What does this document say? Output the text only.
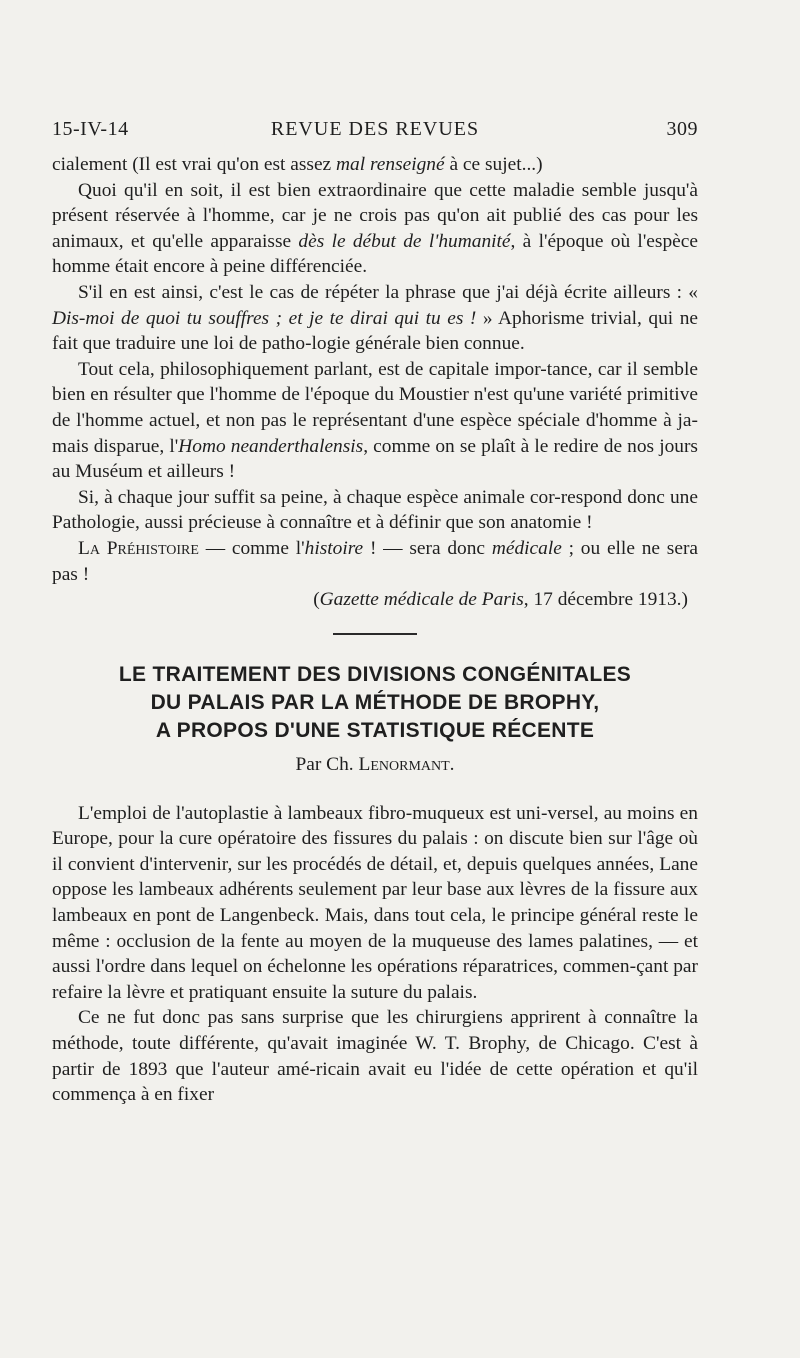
15-IV-14	REVUE DES REVUES	309

cialement (Il est vrai qu'on est assez mal renseigné à ce sujet...)

Quoi qu'il en soit, il est bien extraordinaire que cette maladie semble jusqu'à présent réservée à l'homme, car je ne crois pas qu'on ait publié des cas pour les animaux, et qu'elle apparaisse dès le début de l'humanité, à l'époque où l'espèce homme était encore à peine différenciée.

S'il en est ainsi, c'est le cas de répéter la phrase que j'ai déjà écrite ailleurs : « Dis-moi de quoi tu souffres ; et je te dirai qui tu es ! » Aphorisme trivial, qui ne fait que traduire une loi de patho-logie générale bien connue.

Tout cela, philosophiquement parlant, est de capitale impor-tance, car il semble bien en résulter que l'homme de l'époque du Moustier n'est qu'une variété primitive de l'homme actuel, et non pas le représentant d'une espèce spéciale d'homme à ja-mais disparue, l'Homo neanderthalensis, comme on se plaît à le redire de nos jours au Muséum et ailleurs !

Si, à chaque jour suffit sa peine, à chaque espèce animale cor-respond donc une Pathologie, aussi précieuse à connaître et à définir que son anatomie !

La Préhistoire — comme l'histoire ! — sera donc médicale ; ou elle ne sera pas !

(Gazette médicale de Paris, 17 décembre 1913.)

LE TRAITEMENT DES DIVISIONS CONGÉNITALES

DU PALAIS PAR LA MÉTHODE DE BROPHY,

A PROPOS D'UNE STATISTIQUE RÉCENTE

Par Ch. Lenormant.

L'emploi de l'autoplastie à lambeaux fibro-muqueux est uni-versel, au moins en Europe, pour la cure opératoire des fissures du palais : on discute bien sur l'âge où il convient d'intervenir, sur les procédés de détail, et, depuis quelques années, Lane oppose les lambeaux adhérents seulement par leur base aux lèvres de la fissure aux lambeaux en pont de Langenbeck. Mais, dans tout cela, le principe général reste le même : occlusion de la fente au moyen de la muqueuse des lames palatines, — et aussi l'ordre dans lequel on échelonne les opérations réparatrices, commen-çant par refaire la lèvre et pratiquant ensuite la suture du palais.

Ce ne fut donc pas sans surprise que les chirurgiens apprirent à connaître la méthode, toute différente, qu'avait imaginée W. T. Brophy, de Chicago. C'est à partir de 1893 que l'auteur amé-ricain avait eu l'idée de cette opération et qu'il commença à en fixer
